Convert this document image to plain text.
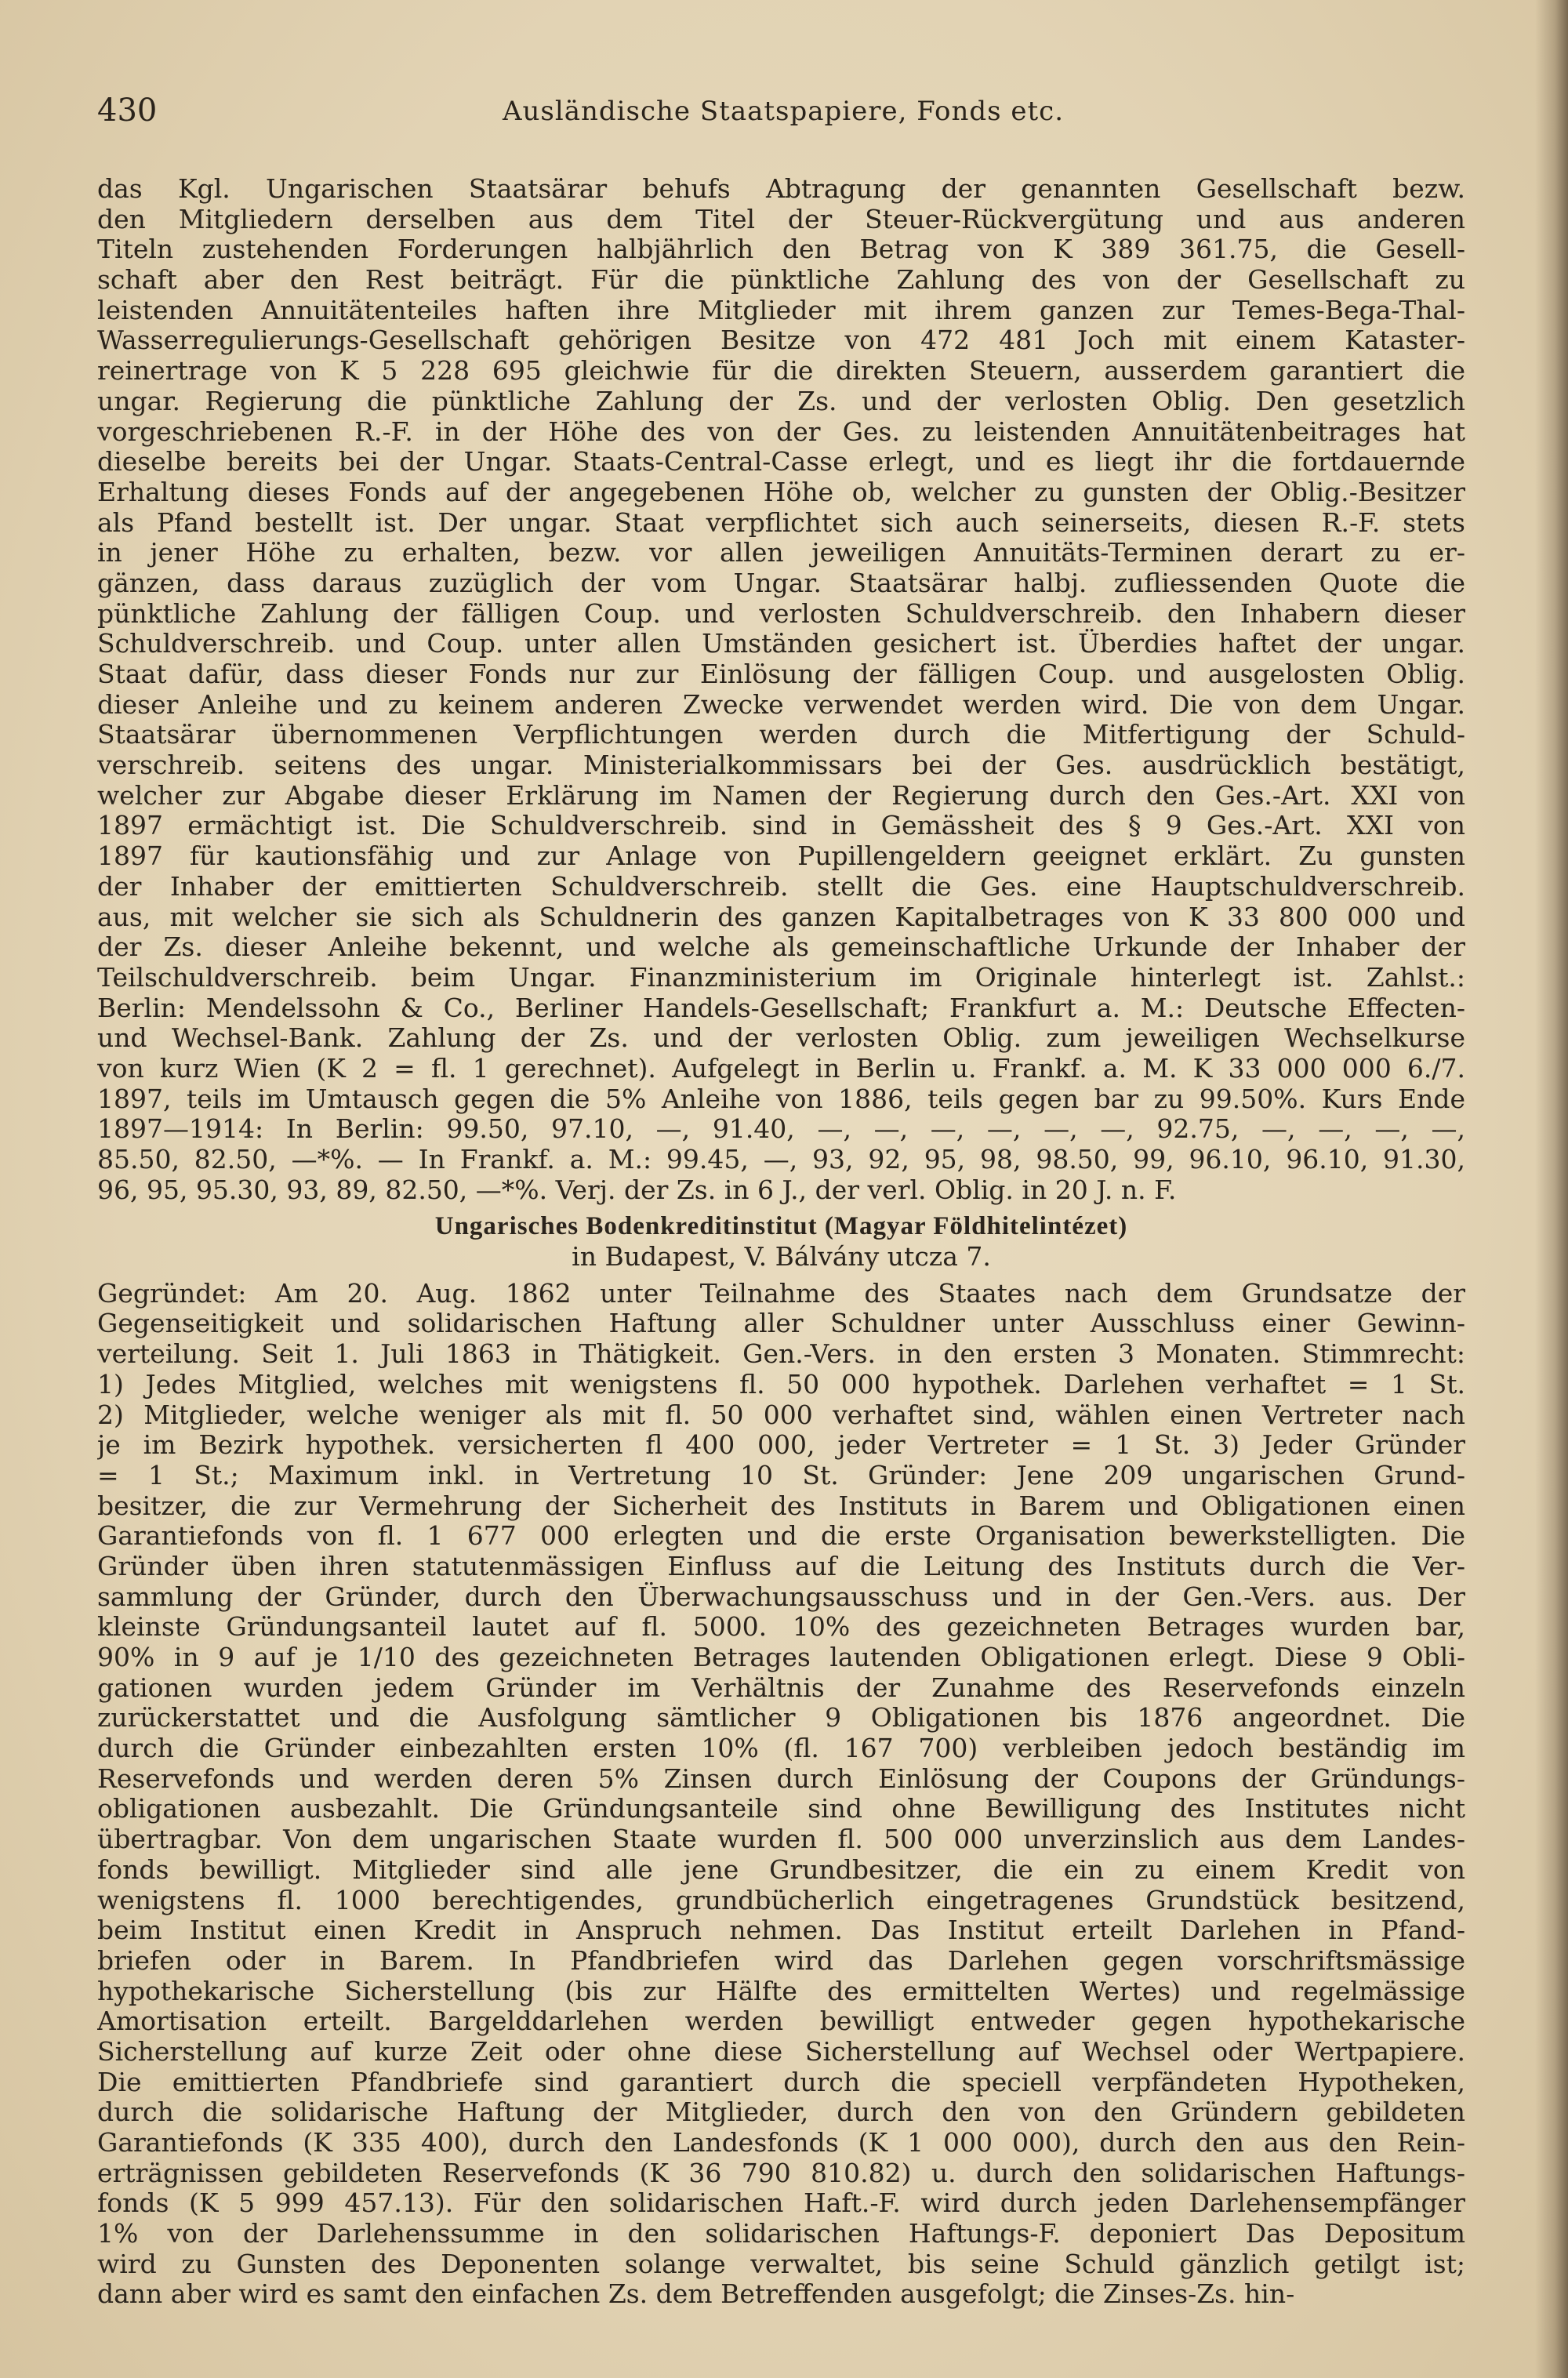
430	Ausländische Staatspapiere, Fonds etc.
das Kgl. Ungarischen Staatsärar behufs Abtragung der genannten Gesellschaft bezw.
den Mitgliedern derselben aus dem Titel der Steuer-Rückvergütung und aus anderen
Titeln zustehenden Forderungen halbjährlich den Betrag von K 389 361.75, die Gesell-
schaft aber den Rest beiträgt. Für die pünktliche Zahlung des von der Gesellschaft zu
leistenden Annuitätenteiles haften ihre Mitglieder mit ihrem ganzen zur Temes-Bega-Thal-
Wasserregulierungs-Gesellschaft gehörigen Besitze von 472 481 Joch mit einem Kataster-
reinertrage von K 5 228 695 gleichwie für die direkten Steuern, ausserdem garantiert die
ungar. Regierung die pünktliche Zahlung der Zs. und der verlosten Oblig. Den gesetzlich
vorgeschriebenen R.-F. in der Höhe des von der Ges. zu leistenden Annuitätenbeitrages hat
dieselbe bereits bei der Ungar. Staats-Central-Casse erlegt, und es liegt ihr die fortdauernde
Erhaltung dieses Fonds auf der angegebenen Höhe ob, welcher zu gunsten der Oblig.-Besitzer
als Pfand bestellt ist. Der ungar. Staat verpflichtet sich auch seinerseits, diesen R.-F. stets
in jener Höhe zu erhalten, bezw. vor allen jeweiligen Annuitäts-Terminen derart zu er-
gänzen, dass daraus zuzüglich der vom Ungar. Staatsärar halbj. zufliessenden Quote die
pünktliche Zahlung der fälligen Coup. und verlosten Schuldverschreib. den Inhabern dieser
Schuldverschreib. und Coup. unter allen Umständen gesichert ist. Überdies haftet der ungar.
Staat dafür, dass dieser Fonds nur zur Einlösung der fälligen Coup. und ausgelosten Oblig.
dieser Anleihe und zu keinem anderen Zwecke verwendet werden wird. Die von dem Ungar.
Staatsärar übernommenen Verpflichtungen werden durch die Mitfertigung der Schuld-
verschreib. seitens des ungar. Ministerialkommissars bei der Ges. ausdrücklich bestätigt,
welcher zur Abgabe dieser Erklärung im Namen der Regierung durch den Ges.-Art. XXI von
1897 ermächtigt ist. Die Schuldverschreib. sind in Gemässheit des § 9 Ges.-Art. XXI von
1897 für kautionsfähig und zur Anlage von Pupillengeldern geeignet erklärt. Zu gunsten
der Inhaber der emittierten Schuldverschreib. stellt die Ges. eine Hauptschuldverschreib.
aus, mit welcher sie sich als Schuldnerin des ganzen Kapitalbetrages von K 33 800 000 und
der Zs. dieser Anleihe bekennt, und welche als gemeinschaftliche Urkunde der Inhaber der
Teilschuldverschreib. beim Ungar. Finanzministerium im Originale hinterlegt ist. Zahlst.:
Berlin: Mendelssohn & Co., Berliner Handels-Gesellschaft; Frankfurt a. M.: Deutsche Effecten-
und Wechsel-Bank. Zahlung der Zs. und der verlosten Oblig. zum jeweiligen Wechselkurse
von kurz Wien (K 2 = fl. 1 gerechnet). Aufgelegt in Berlin u. Frankf. a. M. K 33 000 000 6./7.
1897, teils im Umtausch gegen die 5% Anleihe von 1886, teils gegen bar zu 99.50%. Kurs Ende
1897—1914: In Berlin: 99.50, 97.10, —, 91.40, —, —, —, —, —, —, 92.75, —, —, —, —,
85.50, 82.50, —*%. — In Frankf. a. M.: 99.45, —, 93, 92, 95, 98, 98.50, 99, 96.10, 96.10, 91.30,
96, 95, 95.30, 93, 89, 82.50, —*%. Verj. der Zs. in 6 J., der verl. Oblig. in 20 J. n. F.
Ungarisches Bodenkreditinstitut (Magyar Földhitelintézet)
in Budapest, V. Bálvány utcza 7.
Gegründet: Am 20. Aug. 1862 unter Teilnahme des Staates nach dem Grundsatze der
Gegenseitigkeit und solidarischen Haftung aller Schuldner unter Ausschluss einer Gewinn-
verteilung. Seit 1. Juli 1863 in Thätigkeit. Gen.-Vers. in den ersten 3 Monaten. Stimmrecht:
1) Jedes Mitglied, welches mit wenigstens fl. 50 000 hypothek. Darlehen verhaftet = 1 St.
2) Mitglieder, welche weniger als mit fl. 50 000 verhaftet sind, wählen einen Vertreter nach
je im Bezirk hypothek. versicherten fl 400 000, jeder Vertreter = 1 St. 3) Jeder Gründer
= 1 St.; Maximum inkl. in Vertretung 10 St. Gründer: Jene 209 ungarischen Grund-
besitzer, die zur Vermehrung der Sicherheit des Instituts in Barem und Obligationen einen
Garantiefonds von fl. 1 677 000 erlegten und die erste Organisation bewerkstelligten. Die
Gründer üben ihren statutenmässigen Einfluss auf die Leitung des Instituts durch die Ver-
sammlung der Gründer, durch den Überwachungsausschuss und in der Gen.-Vers. aus. Der
kleinste Gründungsanteil lautet auf fl. 5000. 10% des gezeichneten Betrages wurden bar,
90% in 9 auf je 1/10 des gezeichneten Betrages lautenden Obligationen erlegt. Diese 9 Obli-
gationen wurden jedem Gründer im Verhältnis der Zunahme des Reservefonds einzeln
zurückerstattet und die Ausfolgung sämtlicher 9 Obligationen bis 1876 angeordnet. Die
durch die Gründer einbezahlten ersten 10% (fl. 167 700) verbleiben jedoch beständig im
Reservefonds und werden deren 5% Zinsen durch Einlösung der Coupons der Gründungs-
obligationen ausbezahlt. Die Gründungsanteile sind ohne Bewilligung des Institutes nicht
übertragbar. Von dem ungarischen Staate wurden fl. 500 000 unverzinslich aus dem Landes-
fonds bewilligt. Mitglieder sind alle jene Grundbesitzer, die ein zu einem Kredit von
wenigstens fl. 1000 berechtigendes, grundbücherlich eingetragenes Grundstück besitzend,
beim Institut einen Kredit in Anspruch nehmen. Das Institut erteilt Darlehen in Pfand-
briefen oder in Barem. In Pfandbriefen wird das Darlehen gegen vorschriftsmässige
hypothekarische Sicherstellung (bis zur Hälfte des ermittelten Wertes) und regelmässige
Amortisation erteilt. Bargelddarlehen werden bewilligt entweder gegen hypothekarische
Sicherstellung auf kurze Zeit oder ohne diese Sicherstellung auf Wechsel oder Wertpapiere.
Die emittierten Pfandbriefe sind garantiert durch die speciell verpfändeten Hypotheken,
durch die solidarische Haftung der Mitglieder, durch den von den Gründern gebildeten
Garantiefonds (K 335 400), durch den Landesfonds (K 1 000 000), durch den aus den Rein-
erträgnissen gebildeten Reservefonds (K 36 790 810.82) u. durch den solidarischen Haftungs-
fonds (K 5 999 457.13). Für den solidarischen Haft.-F. wird durch jeden Darlehensempfänger
1% von der Darlehenssumme in den solidarischen Haftungs-F. deponiert Das Depositum
wird zu Gunsten des Deponenten solange verwaltet, bis seine Schuld gänzlich getilgt ist;
dann aber wird es samt den einfachen Zs. dem Betreffenden ausgefolgt; die Zinses-Zs. hin-
